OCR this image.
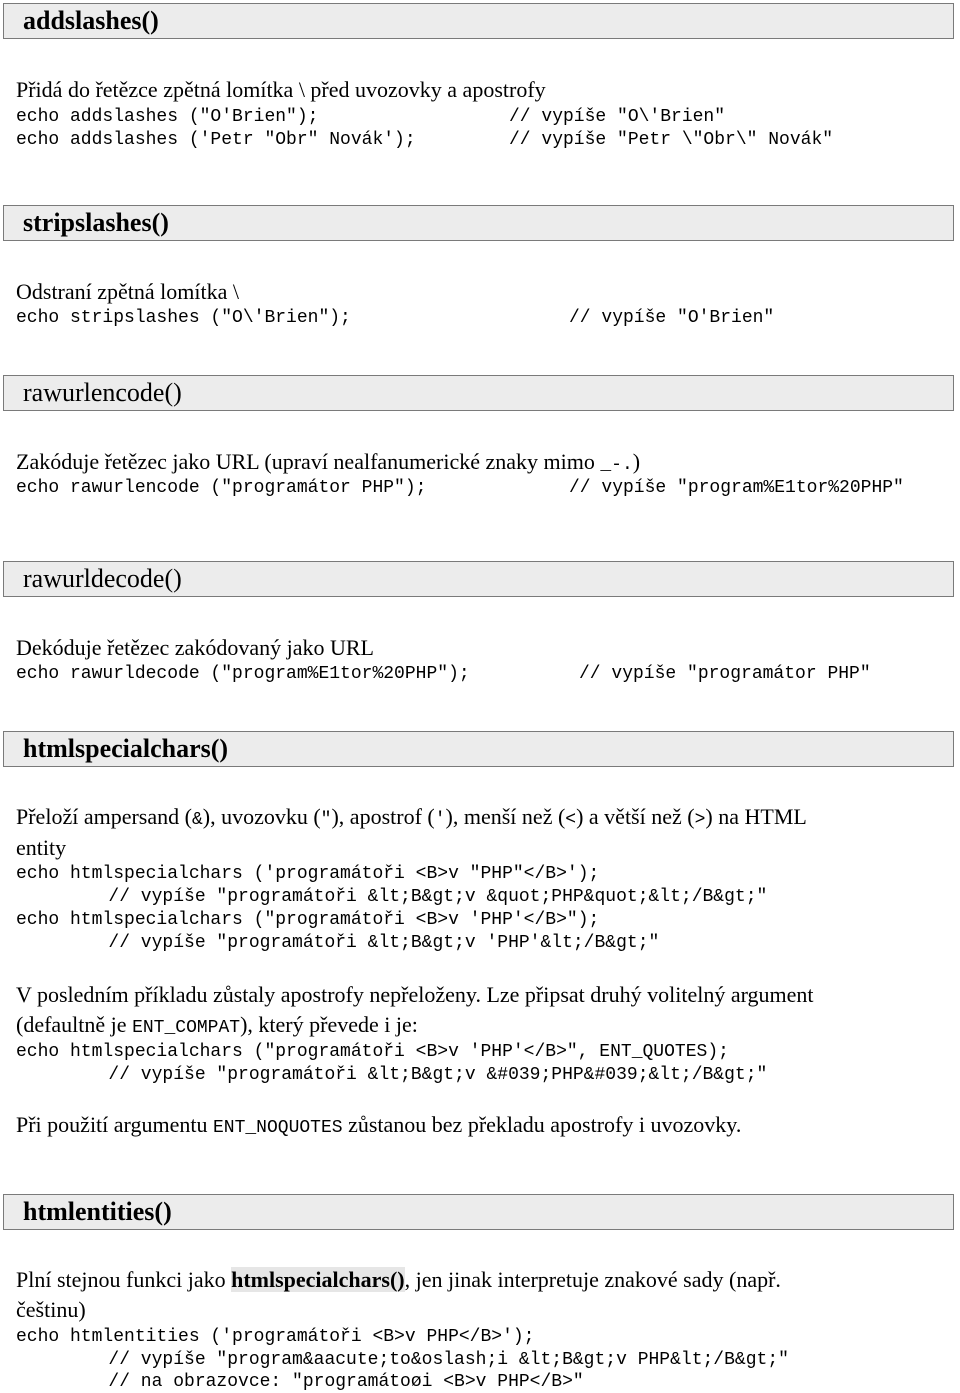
addslashes()
Přidá do řetězce zpětná lomítka \ před uvozovky a apostrofy
echo addslashes ("O'Brien");	// vypíše "O\'Brien"
echo addslashes ('Petr "Obr" Novák');	// vypíše "Petr \"Obr\" Novák"
stripslashes()
Odstraní zpětná lomítka \
echo stripslashes ("O\'Brien");	// vypíše "O'Brien"
rawurlencode()
Zakóduje řetězec jako URL (upraví nealfanumerické znaky mimo _-.)
echo rawurlencode ("programátor PHP");	// vypíše "program%E1tor%20PHP"
rawurldecode()
Dekóduje řetězec zakódovaný jako URL
echo rawurldecode ("program%E1tor%20PHP");	// vypíše "programátor PHP"
htmlspecialchars()
Přeloží ampersand (&), uvozovku ("), apostrof ('), menší než (<) a větší než (>) na HTML
entity
echo htmlspecialchars ('programátoři <B>v "PHP"</B>');
// vypíše "programátoři &lt;B&gt;v &quot;PHP&quot;&lt;/B&gt;"
echo htmlspecialchars ("programátoři <B>v 'PHP'</B>");
// vypíše "programátoři &lt;B&gt;v 'PHP'&lt;/B&gt;"
V posledním příkladu zůstaly apostrofy nepřeloženy. Lze připsat druhý volitelný argument
(defaultně je ENT_COMPAT), který převede i je:
echo htmlspecialchars ("programátoři <B>v 'PHP'</B>", ENT_QUOTES);
// vypíše "programátoři &lt;B&gt;v &#039;PHP&#039;&lt;/B&gt;"
Při použití argumentu ENT_NOQUOTES zůstanou bez překladu apostrofy i uvozovky.
htmlentities()
Plní stejnou funkci jako htmlspecialchars(), jen jinak interpretuje znakové sady (např.
češtinu)
echo htmlentities ('programátoři <B>v PHP</B>');
// vypíše "program&aacute;to&oslash;i &lt;B&gt;v PHP&lt;/B&gt;"
// na obrazovce: "programátoøi <B>v PHP</B>"
